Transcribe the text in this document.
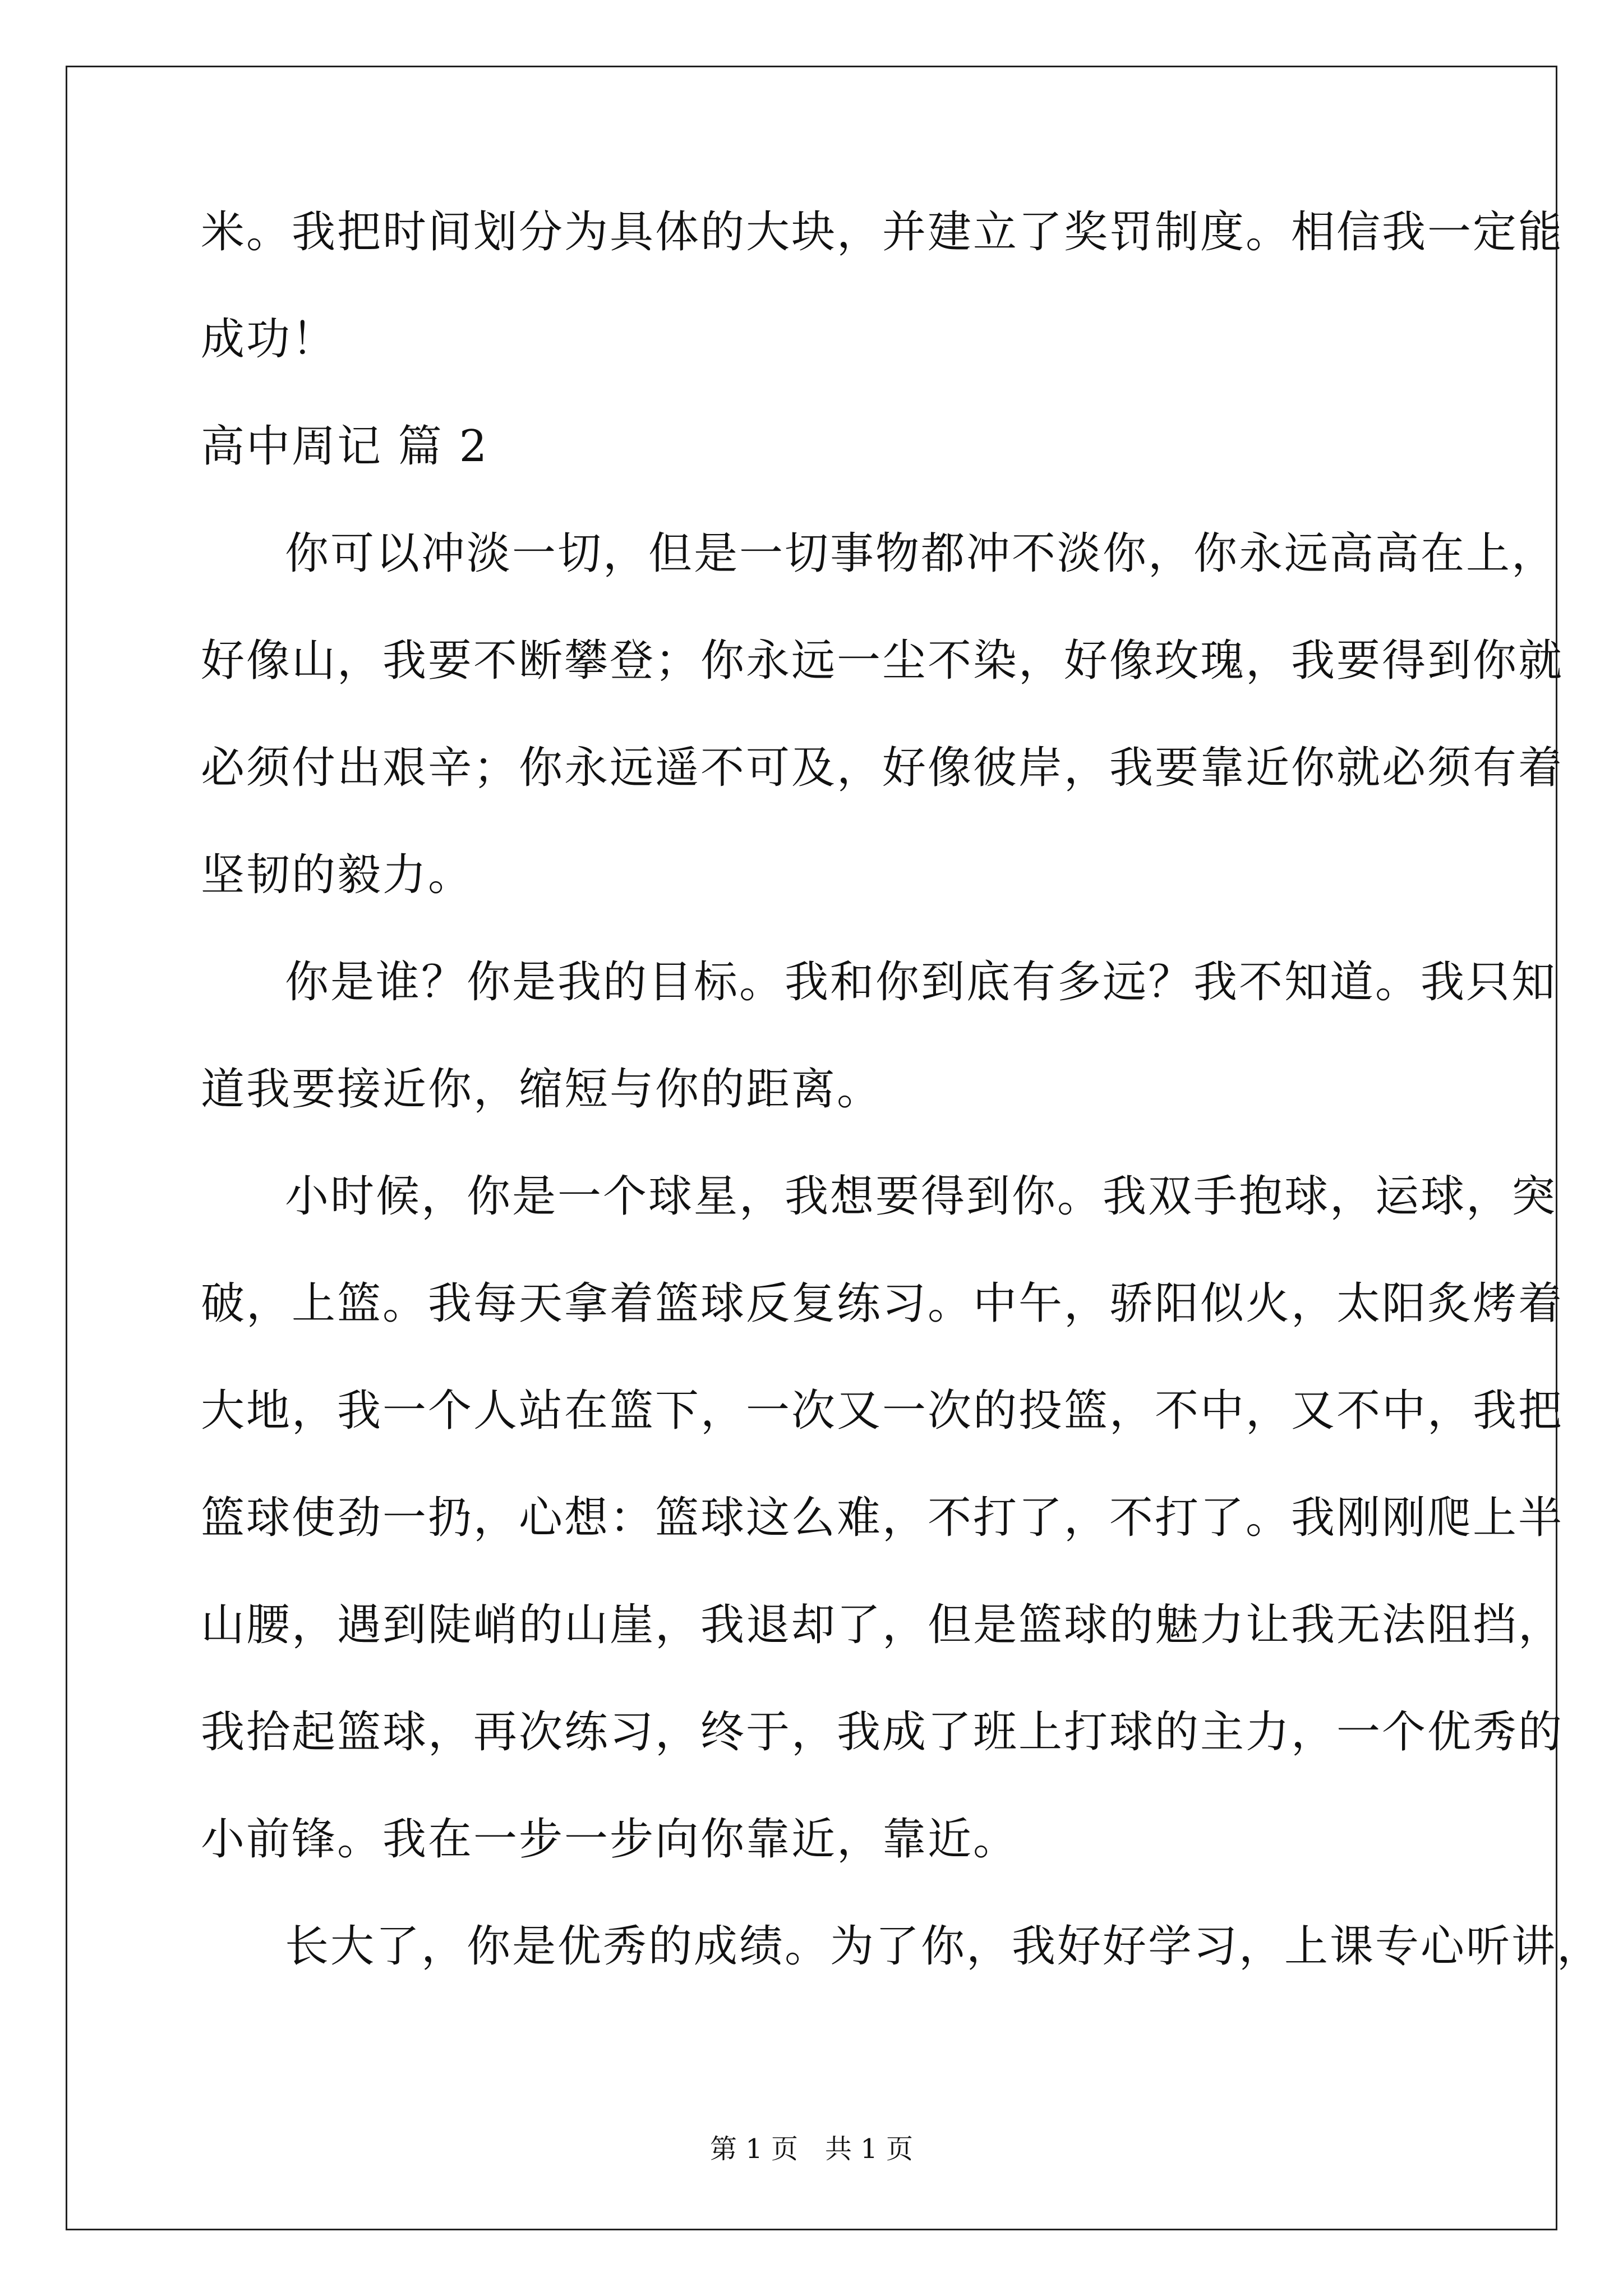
米。我把时间划分为具体的大块，并建立了奖罚制度。相信我一定能
成功！
高中周记 篇 2
你可以冲淡一切，但是一切事物都冲不淡你，你永远高高在上，
好像山，我要不断攀登；你永远一尘不染，好像玫瑰，我要得到你就
必须付出艰辛；你永远遥不可及，好像彼岸，我要靠近你就必须有着
坚韧的毅力。
你是谁？你是我的目标。我和你到底有多远？我不知道。我只知
道我要接近你，缩短与你的距离。
小时候，你是一个球星，我想要得到你。我双手抱球，运球，突
破，上篮。我每天拿着篮球反复练习。中午，骄阳似火，太阳炙烤着
大地，我一个人站在篮下，一次又一次的投篮，不中，又不中，我把
篮球使劲一扔，心想：篮球这么难，不打了，不打了。我刚刚爬上半
山腰，遇到陡峭的山崖，我退却了，但是篮球的魅力让我无法阻挡，
我拾起篮球，再次练习，终于，我成了班上打球的主力，一个优秀的
小前锋。我在一步一步向你靠近，靠近。
长大了，你是优秀的成绩。为了你，我好好学习，上课专心听讲，
第 1 页　共 1 页
